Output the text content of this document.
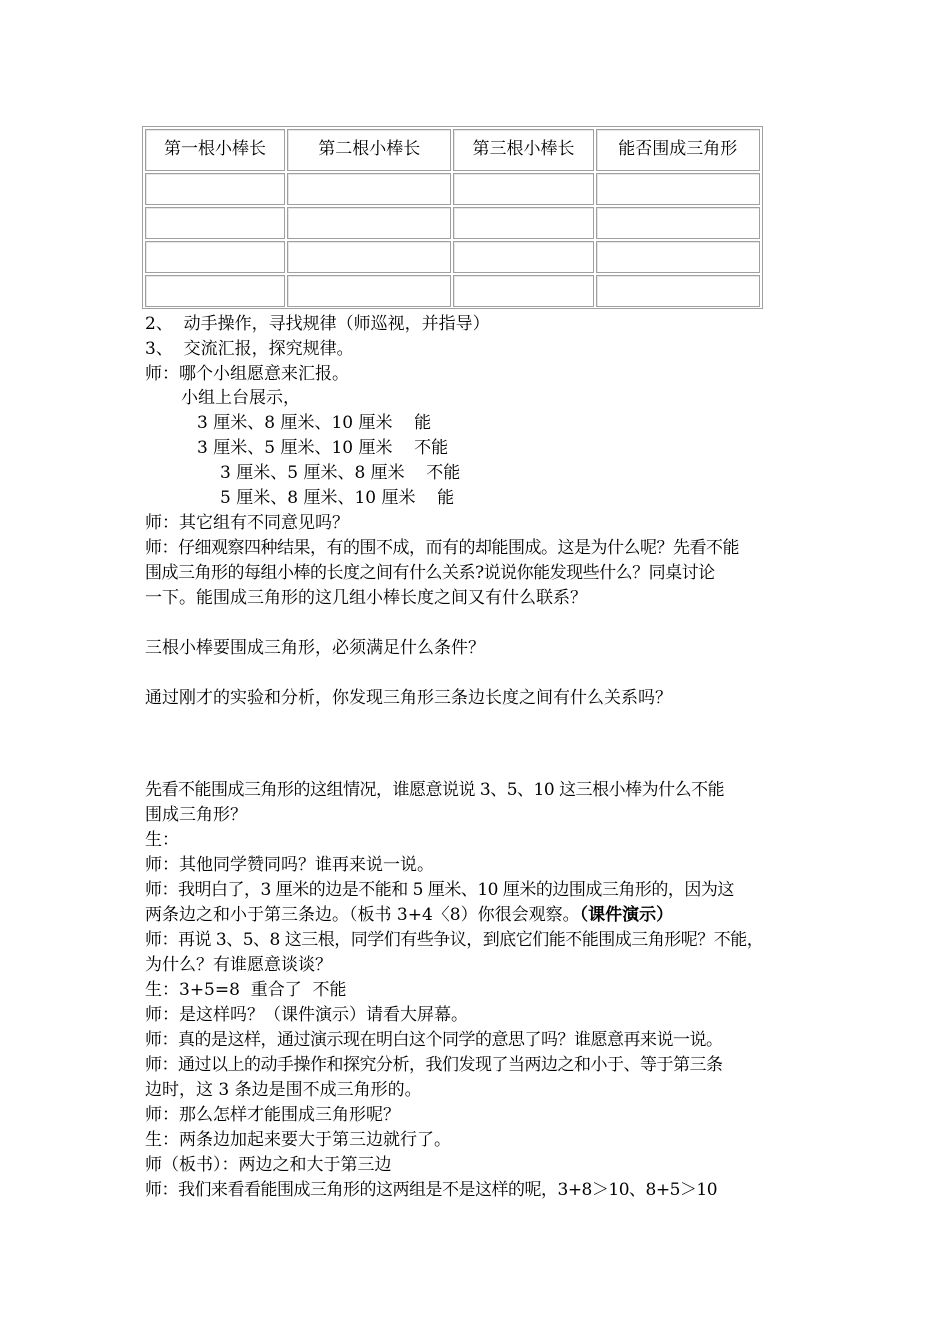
第一根小棒长	第二根小棒长	第三根小棒长	能否围成三角形

2、  动手操作，寻找规律（师巡视，并指导）
3、  交流汇报，探究规律。
师：哪个小组愿意来汇报。
小组上台展示，
3 厘米、8 厘米、10 厘米    能
3 厘米、5 厘米、10 厘米    不能
3 厘米、5 厘米、8 厘米    不能
5 厘米、8 厘米、10 厘米    能
师：其它组有不同意见吗？
师：仔细观察四种结果，有的围不成，而有的却能围成。这是为什么呢？先看不能
围成三角形的每组小棒的长度之间有什么关系?说说你能发现些什么？同桌讨论
一下。能围成三角形的这几组小棒长度之间又有什么联系？
三根小棒要围成三角形，必须满足什么条件？
通过刚才的实验和分析，你发现三角形三条边长度之间有什么关系吗？
先看不能围成三角形的这组情况，谁愿意说说 3、5、10 这三根小棒为什么不能
围成三角形？
生：
师：其他同学赞同吗？谁再来说一说。
师：我明白了，3 厘米的边是不能和 5 厘米、10 厘米的边围成三角形的，因为这
两条边之和小于第三条边。（板书 3+4〈8）你很会观察。（课件演示）
师：再说 3、5、8 这三根，同学们有些争议，到底它们能不能围成三角形呢？不能，
为什么？有谁愿意谈谈？
生：3+5=8  重合了  不能
师：是这样吗？（课件演示）请看大屏幕。
师：真的是这样，通过演示现在明白这个同学的意思了吗？谁愿意再来说一说。
师：通过以上的动手操作和探究分析，我们发现了当两边之和小于、等于第三条
边时，这 3 条边是围不成三角形的。
师：那么怎样才能围成三角形呢？
生：两条边加起来要大于第三边就行了。
师（板书）：两边之和大于第三边
师：我们来看看能围成三角形的这两组是不是这样的呢，3+8＞10、8+5＞10
